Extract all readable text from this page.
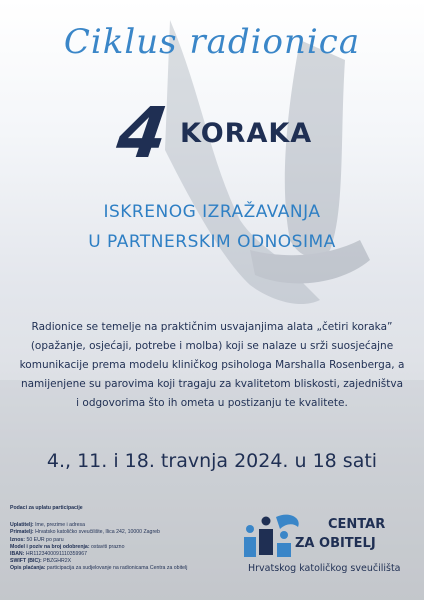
Ciklus radionica
4 KORAKA
ISKRENOG IZRAŽAVANJA
U PARTNERSKIM ODNOSIMA
Radionice se temelje na praktičnim usvajanjima alata „četiri koraka” (opažanje, osjećaji, potrebe i molba) koji se nalaze u srži suosjećajne komunikacije prema modelu kliničkog psihologa Marshalla Rosenberga, a namijenjene su parovima koji tragaju za kvalitetom bliskosti, zajedništva i odgovorima što ih ometa u postizanju te kvalitete.
4., 11. i 18. travnja 2024. u 18 sati
Podaci za uplatu participacije
Uplatitelj: Ime, prezime i adresa
Primatelj: Hrvatsko katoličko sveučilište, Ilica 242, 10000 Zagreb
Iznos: 50 EUR po paru
Model i poziv na broj odobrenja: ostaviti prazno
IBAN: HR1123400091110359967
SWIFT (BIC): PBZGHR2X
Opis plaćanja: participacija za sudjelovanje na radionicama Centra za obitelj
CENTAR
ZA OBITELJ
Hrvatskog katoličkog sveučilišta
